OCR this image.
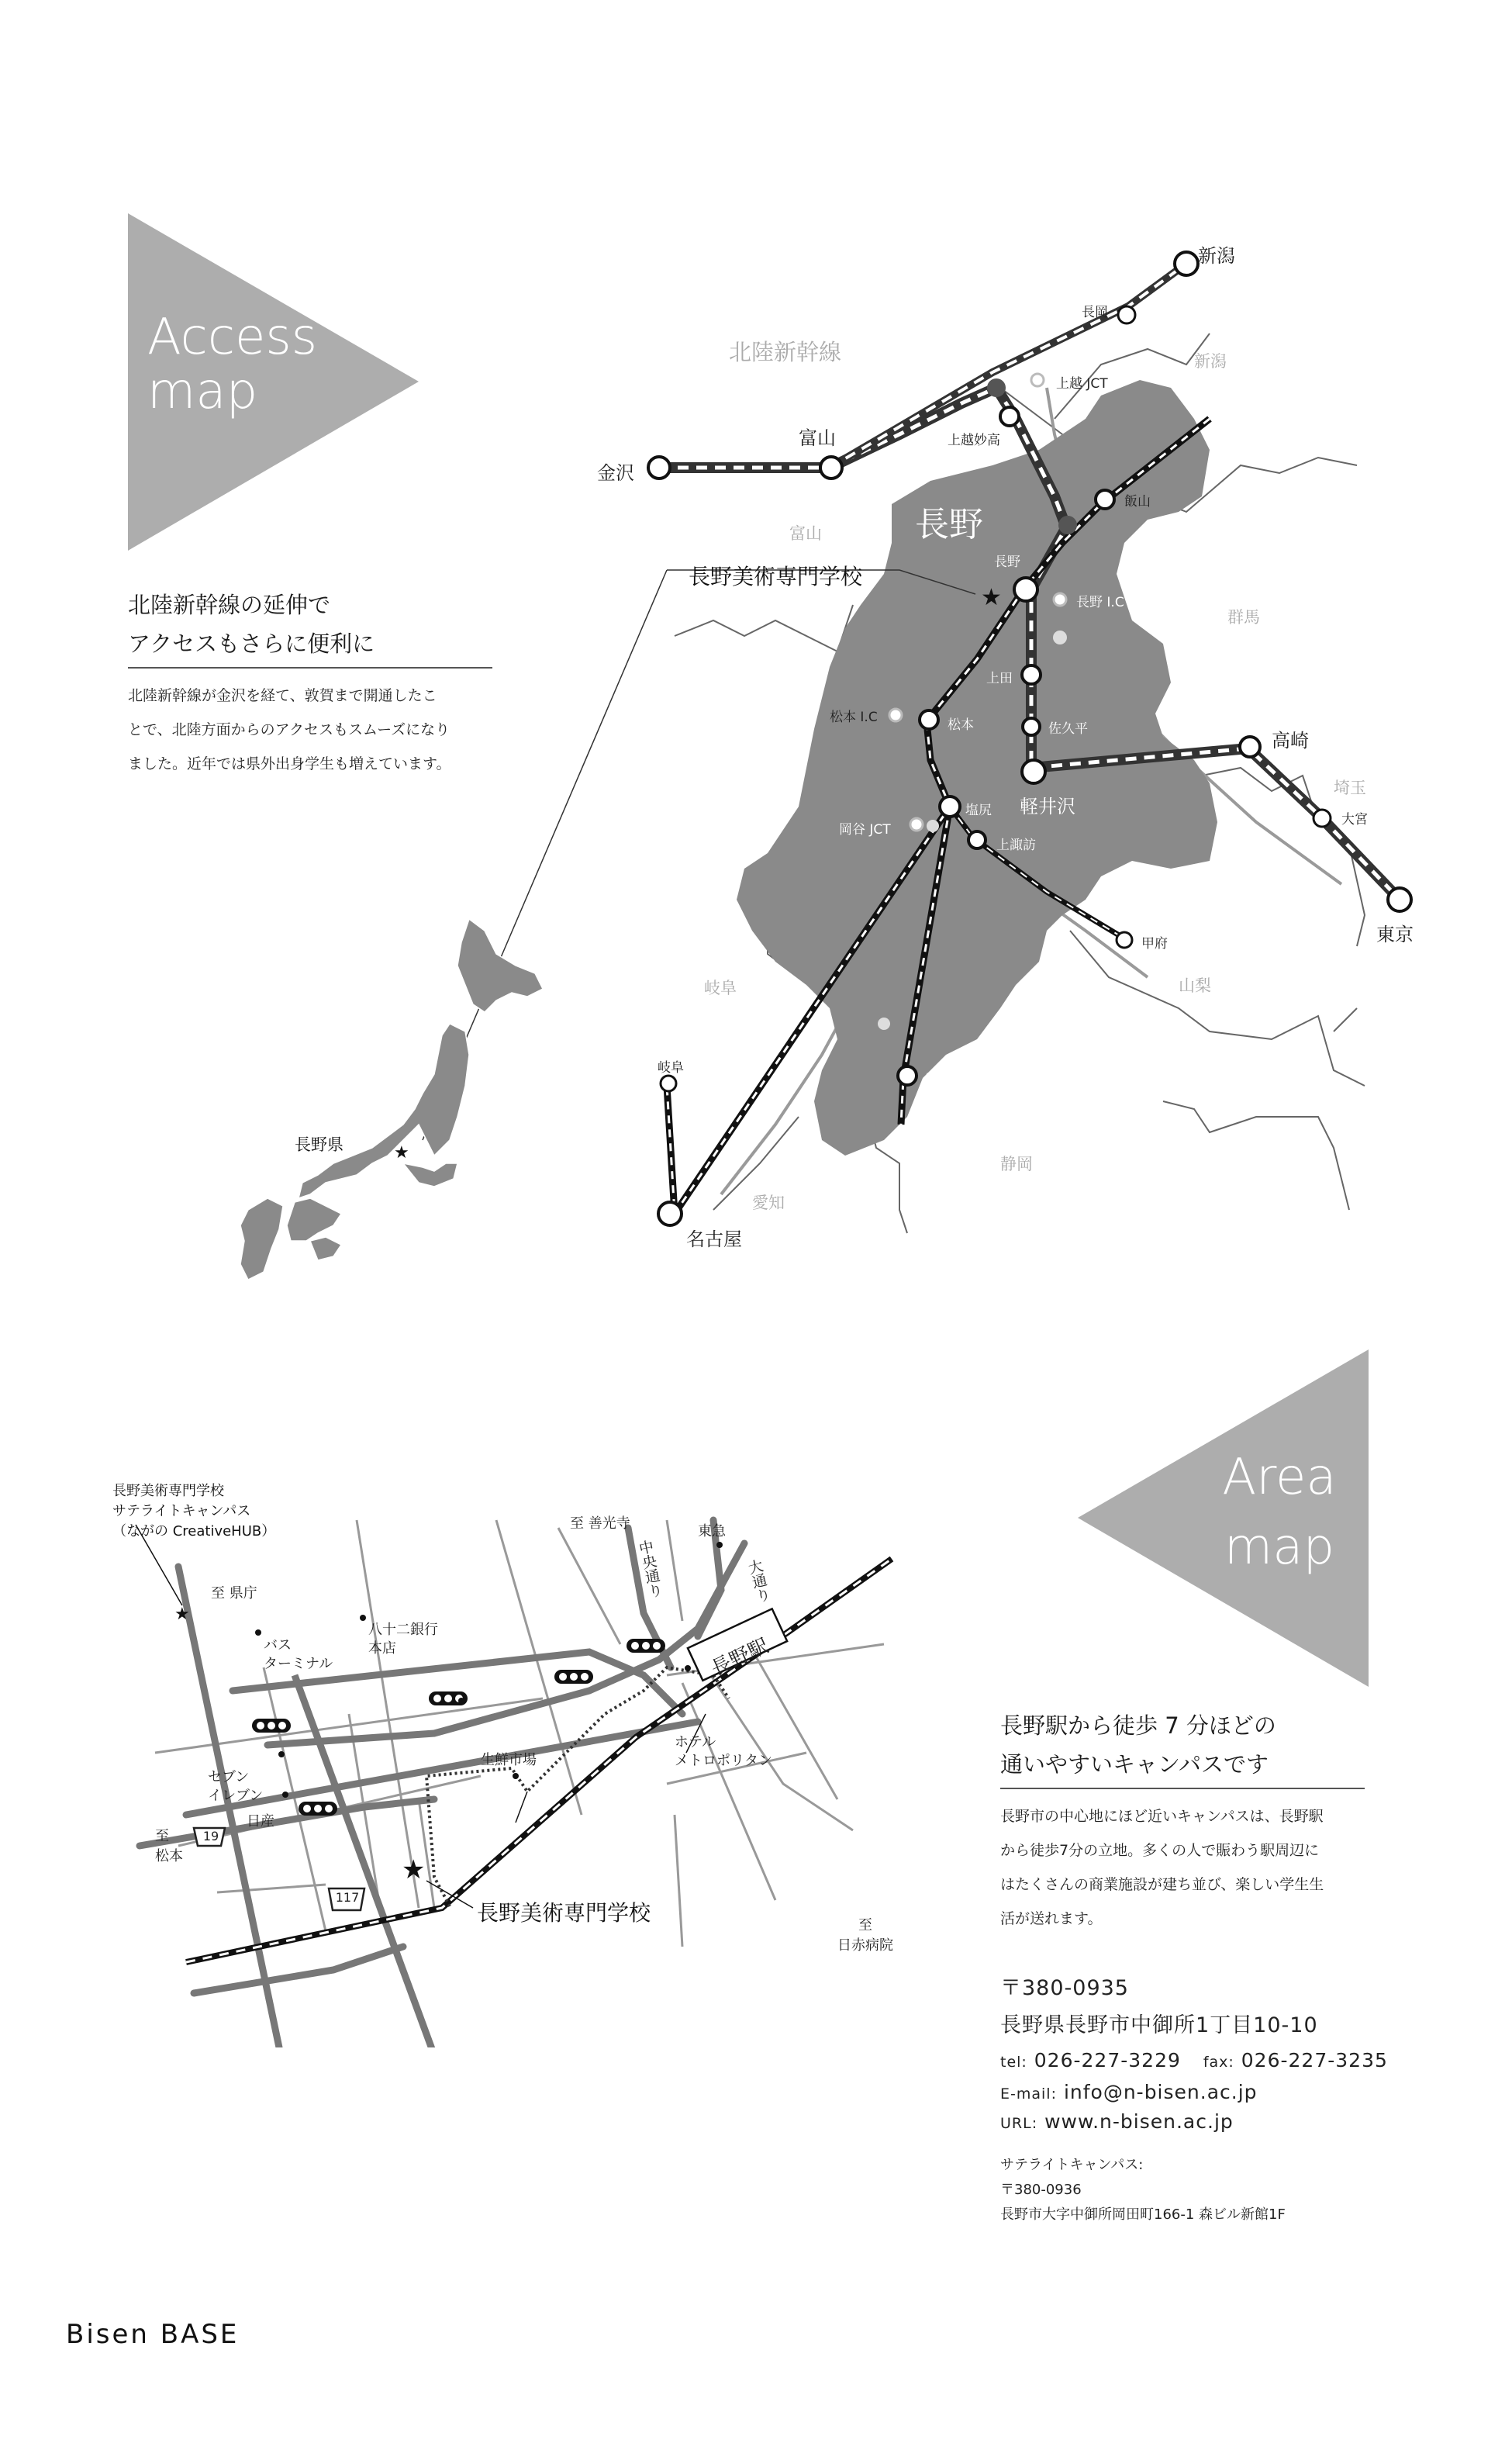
Access
map
北陸新幹線の延伸で
アクセスもさらに便利に
北陸新幹線が金沢を経て、敦賀まで開通したこ
とで、北陸方面からのアクセスもスムーズになり
ました。近年では県外出身学生も増えています。
★
★
北陸新幹線
長野美術専門学校
長野県
長野
新潟
長岡
上越 JCT
上越妙高
飯山
長野
長野 I.C
上田
佐久平
軽井沢
高崎
大宮
東京
松本 I.C	松本
岡谷 JCT
塩尻
上諏訪
甲府
飯田
岐阜
名古屋
金沢
富山
新潟
富山
群馬
埼玉
山梨
岐阜
静岡
愛知
Area
map
★
★
長野美術専門学校
サテライトキャンパス
（ながの CreativeHUB）
至 県庁
至 善光寺	東急
中央通り	大通り
バス
ターミナル
八十二銀行
本店	長野駅
ホテル
メトロポリタン
生鮮市場
セブン
イレブン
日産
至
松本
19
117
長野美術専門学校	至
日赤病院
長野駅から徒歩 7 分ほどの
通いやすいキャンパスです
長野市の中心地にほど近いキャンパスは、長野駅
から徒歩7分の立地。多くの人で賑わう駅周辺に
はたくさんの商業施設が建ち並び、楽しい学生生
活が送れます。
〒380-0935
長野県長野市中御所1丁目10-10
tel: 026-227-3229 fax: 026-227-3235
E-mail: info@n-bisen.ac.jp
URL: www.n-bisen.ac.jp
サテライトキャンパス:
〒380-0936
長野市大字中御所岡田町166-1 森ビル新館1F
Bisen BASE
